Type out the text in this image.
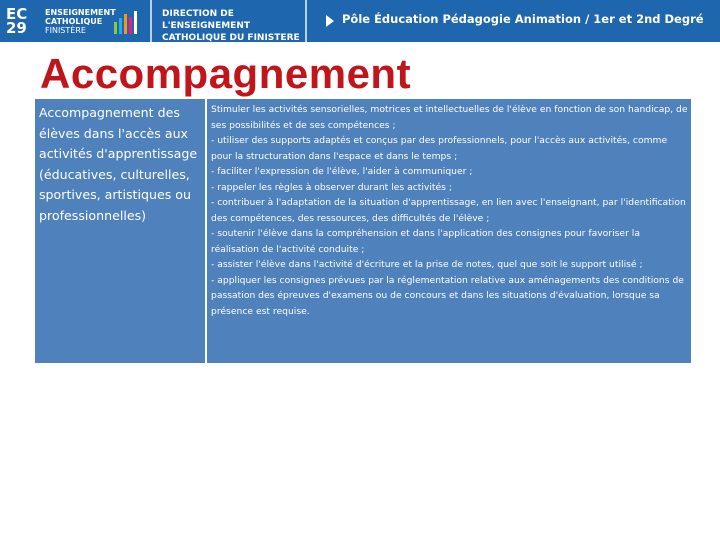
EC
29
ENSEIGNEMENT
CATHOLIQUE
FINISTÈRE
DIRECTION DE L'ENSEIGNEMENT
CATHOLIQUE DU FINISTERE
Pôle Éducation Pédagogie Animation / 1er et 2nd Degré
Accompagnement
Accompagnement des élèves dans l'accès aux activités d'apprentissage (éducatives, culturelles, sportives, artistiques ou professionnelles)

Stimuler les activités sensorielles, motrices et intellectuelles de l'élève en fonction de son handicap, de ses possibilités et de ses compétences ;

- utiliser des supports adaptés et conçus par des professionnels, pour l'accès aux activités, comme pour la structuration dans l'espace et dans le temps ;

- faciliter l'expression de l'élève, l'aider à communiquer ;

- rappeler les règles à observer durant les activités ;

- contribuer à l'adaptation de la situation d'apprentissage, en lien avec l'enseignant, par l'identification des compétences, des ressources, des difficultés de l'élève ;

- soutenir l'élève dans la compréhension et dans l'application des consignes pour favoriser la réalisation de l'activité conduite ;

- assister l'élève dans l'activité d'écriture et la prise de notes, quel que soit le support utilisé ;

- appliquer les consignes prévues par la réglementation relative aux aménagements des conditions de passation des épreuves d'examens ou de concours et dans les situations d'évaluation, lorsque sa présence est requise.
